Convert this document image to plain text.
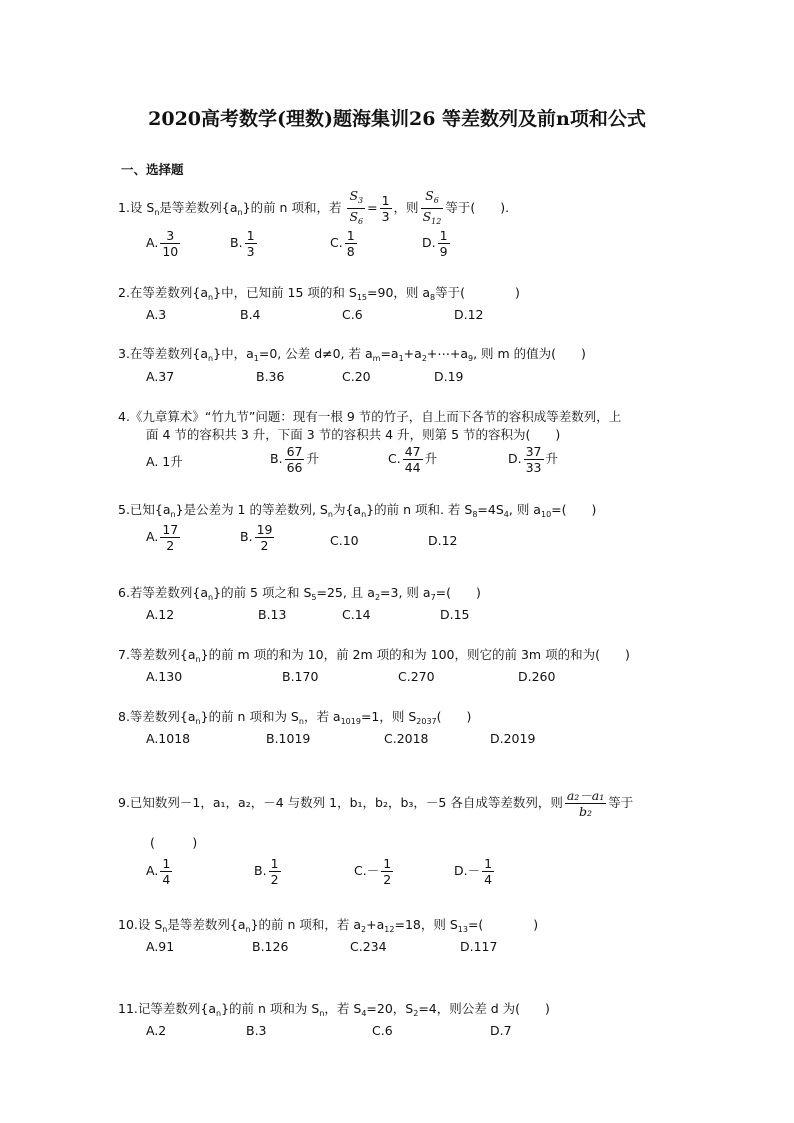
2020高考数学(理数)题海集训26 等差数列及前n项和公式
一、选择题
1.设 $S_n$是等差数列$\{a_n\}$的前 n 项和，若 $\frac{S_3}{S_6} = \frac{1}{3}$ ，则 $\frac{S_6}{S_{12}}$ 等于(　　).
A. $\frac{3}{10}$	B. $\frac{1}{3}$	C. $\frac{1}{8}$	D. $\frac{1}{9}$
2.在等差数列$\{a_n\}$中，已知前 15 项的和 $S_{15}=90$，则 $a_8$等于(　　　　)
A.3	B.4	C.6	D.12
3.在等差数列$\{a_n\}$中，$a_1=0$, 公差 d≠0, 若 $a_m=a_1+a_2+\cdots+a_9$, 则 m 的值为(　　)
A.37	B.36	C.20	D.19
4.《九章算术》“竹九节”问题：现有一根 9 节的竹子，自上而下各节的容积成等差数列，上
面 4 节的容积共 3 升，下面 3 节的容积共 4 升，则第 5 节的容积为(　　)
A. 1升	B. $\frac{67}{66}$ 升	C. $\frac{47}{44}$ 升	D. $\frac{37}{33}$ 升
5.已知$\{a_n\}$是公差为 1 的等差数列, $S_n$为$\{a_n\}$的前 n 项和. 若 $S_8=4S_4$, 则 $a_{10}=$(　　)
A. $\frac{17}{2}$	B. $\frac{19}{2}$	C.10	D.12
6.若等差数列$\{a_n\}$的前 5 项之和 $S_5=25$, 且 $a_2=3$, 则 $a_7=$(　　)
A.12	B.13	C.14	D.15
7.等差数列$\{a_n\}$的前 m 项的和为 10，前 2m 项的和为 100，则它的前 3m 项的和为(　　)
A.130	B.170	C.270	D.260
8.等差数列$\{a_n\}$的前 n 项和为 $S_n$，若 $a_{1019}=1$，则 $S_{2037}$(　　)
A.1018	B.1019	C.2018	D.2019
9.已知数列－1，a₁，a₂，－4 与数列 1，b₁，b₂，b₃，－5 各自成等差数列，则 $\frac{\text{a₂－a₁}}{\text{b₂}}$ 等于
(　　　)
A. $\frac{1}{4}$	B. $\frac{1}{2}$	$C.- \frac{1}{2}$	$D.- \frac{1}{4}$
10.设 $S_n$是等差数列$\{a_n\}$的前 n 项和，若 $a_2+a_{12}=18$，则 $S_{13}=$(　　　　)
A.91	B.126	C.234	D.117
11.记等差数列$\{a_n\}$的前 n 项和为 $S_n$，若 $S_4=20$，$S_2=4$，则公差 d 为(　　)
A.2	B.3	C.6	D.7
